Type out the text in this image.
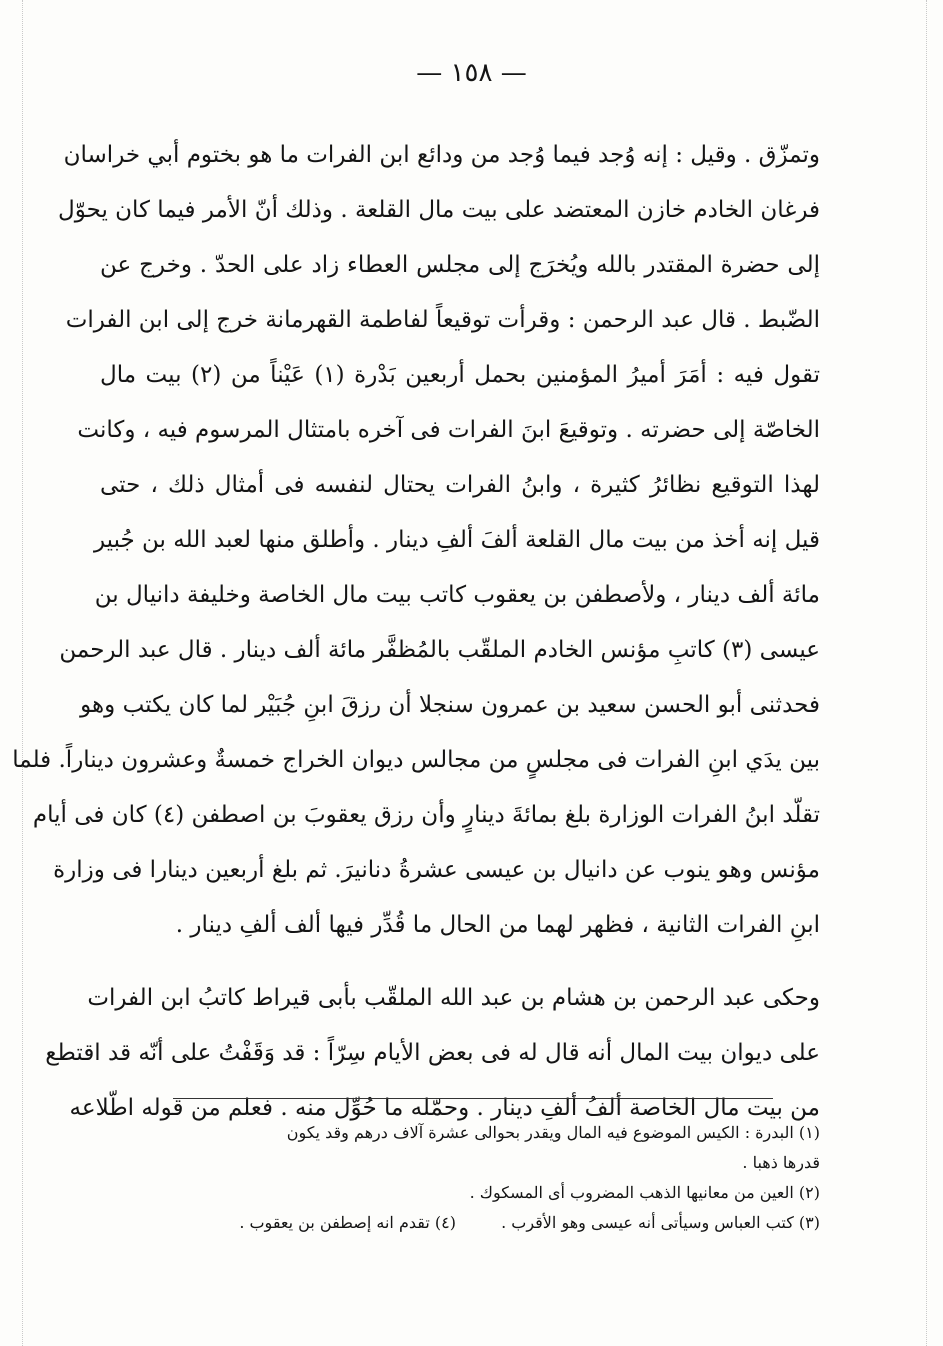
— ١٥٨ —
وتمزّق . وقيل : إنه وُجد فيما وُجد من ودائع ابن الفرات ما هو بختوم أبي خراسان
فرغان الخادم خازن المعتضد على بيت مال القلعة . وذلك أنّ الأمر فيما كان يحوّل
إلى حضرة المقتدر بالله ويُخرَج إلى مجلس العطاء زاد على الحدّ . وخرج عن
الضّبط . قال عبد الرحمن : وقرأت توقيعاً لفاطمة القهرمانة خرج إلى ابن الفرات
تقول فيه : أمَرَ أميرُ المؤمنين بحمل أربعين بَدْرة (١) عَيْناً من (٢) بيت مال
الخاصّة إلى حضرته . وتوقيعَ ابنَ الفرات فى آخره بامتثال المرسوم فيه ، وكانت
لهذا التوقيع نظائرُ كثيرة ، وابنُ الفرات يحتال لنفسه فى أمثال ذلك ، حتى
قيل إنه أخذ من بيت مال القلعة ألفَ ألفِ دينار . وأطلق منها لعبد الله بن جُبير
مائة ألف دينار ، ولأصطفن بن يعقوب كاتب بيت مال الخاصة وخليفة دانيال بن
عيسى (٣) كاتبِ مؤنس الخادم الملقّب بالمُظفَّر مائة ألف دينار . قال عبد الرحمن
فحدثنى أبو الحسن سعيد بن عمرون سنجلا أن رزقَ ابنِ جُبَيْر لما كان يكتب وهو
بين يدَي ابنِ الفرات فى مجلسٍ من مجالس ديوان الخراج خمسةٌ وعشرون ديناراً. فلما
تقلّد ابنُ الفرات الوزارة بلغ بمائةَ دينارٍ وأن رزق يعقوبَ بن اصطفن (٤) كان فى أيام
مؤنس وهو ينوب عن دانيال بن عيسى عشرةُ دنانيرَ. ثم بلغ أربعين دينارا فى وزارة
ابنِ الفرات الثانية ، فظهر لهما من الحال ما قُدِّر فيها ألف ألفِ دينار .
وحكى عبد الرحمن بن هشام بن عبد الله الملقّب بأبى قيراط كاتبُ ابن الفرات
على ديوان بيت المال أنه قال له فى بعض الأيام سِرّاً : قد وَقَفْتُ على أنّه قد اقتطع
من بيت مال الخاصة ألفُ ألفِ دينار . وحمّله ما حُوِّل منه . فعلم من قوله اطّلاعه
(١) البدرة : الكيس الموضوع فيه المال ويقدر بحوالى عشرة آلاف درهم وقد يكون
قدرها ذهبا .
(٢) العين من معانيها الذهب المضروب أى المسكوك .
(٣) كتب العباس وسيأتى أنه عيسى وهو الأقرب . (٤) تقدم انه إصطفن بن يعقوب .
